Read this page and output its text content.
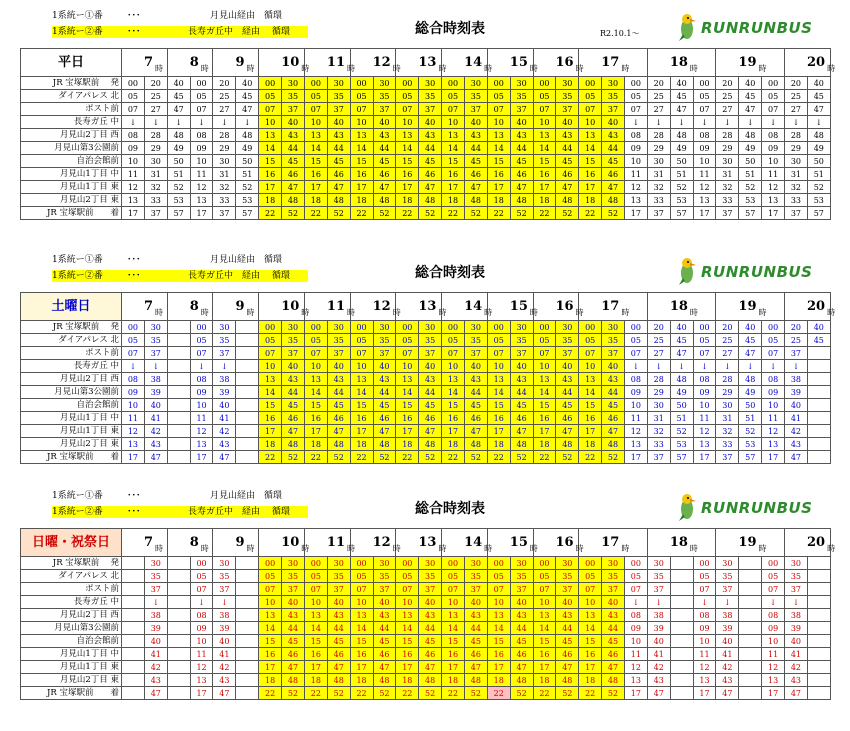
1系統ー①番	･･･	月見山経由 循環
1系統ー②番	･･･	長寿ガ丘中 経由 循環	総合時刻表	R2.10.1～	RUNRUNBUS
平日	7 $_時$		8 $_時$		9 $_時$		10 $_時$		11 $_時$		12 $_時$		13 $_時$		14 $_時$		15 $_時$		16 $_時$		17 $_時$			18 $_時$			19 $_時$			20 $_時$
JR 宝塚駅前　 発	00	20	40	00	20	40	00	30	00	30	00	30	00	30	00	30	00	30	00	30	00	30	00	20	40	00	20	40	00	20	40		
ダイアパレス 北	05	25	45	05	25	45	05	35	05	35	05	35	05	35	05	35	05	35	05	35	05	35	05	25	45	05	25	45	05	25	45		
ポスト前	07	27	47	07	27	47	07	37	07	37	07	37	07	37	07	37	07	37	07	37	07	37	07	27	47	07	27	47	07	27	47		
長寿ガ丘 中	↓	↓	↓	↓	↓	↓	10	40	10	40	10	40	10	40	10	40	10	40	10	40	10	40	↓	↓	↓	↓	↓	↓	↓	↓	↓		
月見山2丁目 西	08	28	48	08	28	48	13	43	13	43	13	43	13	43	13	43	13	43	13	43	13	43	08	28	48	08	28	48	08	28	48		
月見山第3公園前	09	29	49	09	29	49	14	44	14	44	14	44	14	44	14	44	14	44	14	44	14	44	09	29	49	09	29	49	09	29	49		
自治会館前	10	30	50	10	30	50	15	45	15	45	15	45	15	45	15	45	15	45	15	45	15	45	10	30	50	10	30	50	10	30	50		
月見山1丁目 中	11	31	51	11	31	51	16	46	16	46	16	46	16	46	16	46	16	46	16	46	16	46	11	31	51	11	31	51	11	31	51		
月見山1丁目 東	12	32	52	12	32	52	17	47	17	47	17	47	17	47	17	47	17	47	17	47	17	47	12	32	52	12	32	52	12	32	52		
月見山2丁目 東	13	33	53	13	33	53	18	48	18	48	18	48	18	48	18	48	18	48	18	48	18	48	13	33	53	13	33	53	13	33	53		
JR 宝塚駅前　　着	17	37	57	17	37	57	22	52	22	52	22	52	22	52	22	52	22	52	22	52	22	52	17	37	57	17	37	57	17	37	57		
1系統ー①番	･･･	月見山経由 循環
1系統ー②番	･･･	長寿ガ丘中 経由 循環	総合時刻表	RUNRUNBUS
土曜日	7 $_時$		8 $_時$		9 $_時$		10 $_時$		11 $_時$		12 $_時$		13 $_時$		14 $_時$		15 $_時$		16 $_時$		17 $_時$			18 $_時$			19 $_時$			20 $_時$
JR 宝塚駅前　 発	00	30		00	30		00	30	00	30	00	30	00	30	00	30	00	30	00	30	00	30	00	20	40	00	20	40	00	20	40		
ダイアパレス 北	05	35		05	35		05	35	05	35	05	35	05	35	05	35	05	35	05	35	05	35	05	25	45	05	25	45	05	25	45		
ポスト前	07	37		07	37		07	37	07	37	07	37	07	37	07	37	07	37	07	37	07	37	07	27	47	07	27	47	07	37			
長寿ガ丘 中	↓	↓		↓	↓		10	40	10	40	10	40	10	40	10	40	10	40	10	40	10	40	↓	↓	↓	↓	↓	↓	↓	↓			
月見山2丁目 西	08	38		08	38		13	43	13	43	13	43	13	43	13	43	13	43	13	43	13	43	08	28	48	08	28	48	08	38			
月見山第3公園前	09	39		09	39		14	44	14	44	14	44	14	44	14	44	14	44	14	44	14	44	09	29	49	09	29	49	09	39			
自治会館前	10	40		10	40		15	45	15	45	15	45	15	45	15	45	15	45	15	45	15	45	10	30	50	10	30	50	10	40			
月見山1丁目 中	11	41		11	41		16	46	16	46	16	46	16	46	16	46	16	46	16	46	16	46	11	31	51	11	31	51	11	41			
月見山1丁目 東	12	42		12	42		17	47	17	47	17	47	17	47	17	47	17	47	17	47	17	47	12	32	52	12	32	52	12	42			
月見山2丁目 東	13	43		13	43		18	48	18	48	18	48	18	48	18	48	18	48	18	48	18	48	13	33	53	13	33	53	13	43			
JR 宝塚駅前　　着	17	47		17	47		22	52	22	52	22	52	22	52	22	52	22	52	22	52	22	52	17	37	57	17	37	57	17	47			
1系統ー①番	･･･	月見山経由 循環
1系統ー②番	･･･	長寿ガ丘中 経由 循環	総合時刻表	RUNRUNBUS
日曜・祝祭日	7 $_時$		8 $_時$		9 $_時$		10 $_時$		11 $_時$		12 $_時$		13 $_時$		14 $_時$		15 $_時$		16 $_時$		17 $_時$			18 $_時$			19 $_時$			20 $_時$
JR 宝塚駅前　 発		30		00	30		00	30	00	30	00	30	00	30	00	30	00	30	00	30	00	30	00	30		00	30		00	30			
ダイアパレス 北		35		05	35		05	35	05	35	05	35	05	35	05	35	05	35	05	35	05	35	05	35		05	35		05	35			
ポスト前		37		07	37		07	37	07	37	07	37	07	37	07	37	07	37	07	37	07	37	07	37		07	37		07	37			
長寿ガ丘 中		↓		↓	↓		10	40	10	40	10	40	10	40	10	40	10	40	10	40	10	40	↓	↓		↓	↓		↓	↓			
月見山2丁目 西		38		08	38		13	43	13	43	13	43	13	43	13	43	13	43	13	43	13	43	08	38		08	38		08	38			
月見山第3公園前		39		09	39		14	44	14	44	14	44	14	44	14	44	14	44	14	44	14	44	09	39		09	39		09	39			
自治会館前		40		10	40		15	45	15	45	15	45	15	45	15	45	15	45	15	45	15	45	10	40		10	40		10	40			
月見山1丁目 中		41		11	41		16	46	16	46	16	46	16	46	16	46	16	46	16	46	16	46	11	41		11	41		11	41			
月見山1丁目 東		42		12	42		17	47	17	47	17	47	17	47	17	47	17	47	17	47	17	47	12	42		12	42		12	42			
月見山2丁目 東		43		13	43		18	48	18	48	18	48	18	48	18	48	18	48	18	48	18	48	13	43		13	43		13	43			
JR 宝塚駅前　　着		47		17	47		22	52	22	52	22	52	22	52	22	52	22	52	22	52	22	52	17	47		17	47		17	47			
